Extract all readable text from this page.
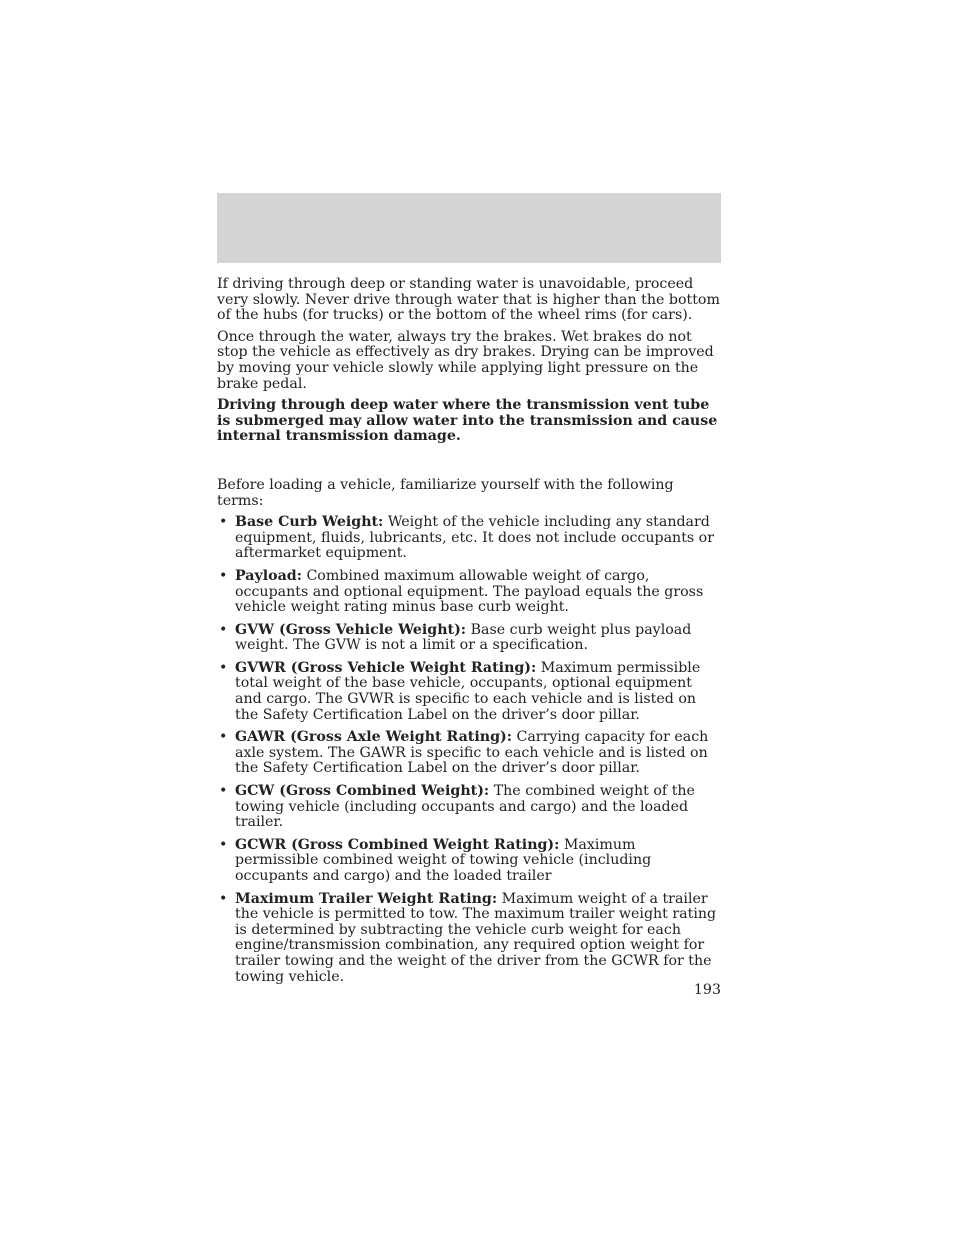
If driving through deep or standing water is unavoidable, proceed very slowly. Never drive through water that is higher than the bottom of the hubs (for trucks) or the bottom of the wheel rims (for cars).

Once through the water, always try the brakes. Wet brakes do not stop the vehicle as effectively as dry brakes. Drying can be improved by moving your vehicle slowly while applying light pressure on the brake pedal.

Driving through deep water where the transmission vent tube is submerged may allow water into the transmission and cause internal transmission damage.

Before loading a vehicle, familiarize yourself with the following terms:

• Base Curb Weight: Weight of the vehicle including any standard equipment, fluids, lubricants, etc. It does not include occupants or aftermarket equipment.
• Payload: Combined maximum allowable weight of cargo, occupants and optional equipment. The payload equals the gross vehicle weight rating minus base curb weight.
• GVW (Gross Vehicle Weight): Base curb weight plus payload weight. The GVW is not a limit or a specification.
• GVWR (Gross Vehicle Weight Rating): Maximum permissible total weight of the base vehicle, occupants, optional equipment and cargo. The GVWR is specific to each vehicle and is listed on the Safety Certification Label on the driver’s door pillar.
• GAWR (Gross Axle Weight Rating): Carrying capacity for each axle system. The GAWR is specific to each vehicle and is listed on the Safety Certification Label on the driver’s door pillar.
• GCW (Gross Combined Weight): The combined weight of the towing vehicle (including occupants and cargo) and the loaded trailer.
• GCWR (Gross Combined Weight Rating): Maximum permissible combined weight of towing vehicle (including occupants and cargo) and the loaded trailer
• Maximum Trailer Weight Rating: Maximum weight of a trailer the vehicle is permitted to tow. The maximum trailer weight rating is determined by subtracting the vehicle curb weight for each engine/transmission combination, any required option weight for trailer towing and the weight of the driver from the GCWR for the towing vehicle.
193
